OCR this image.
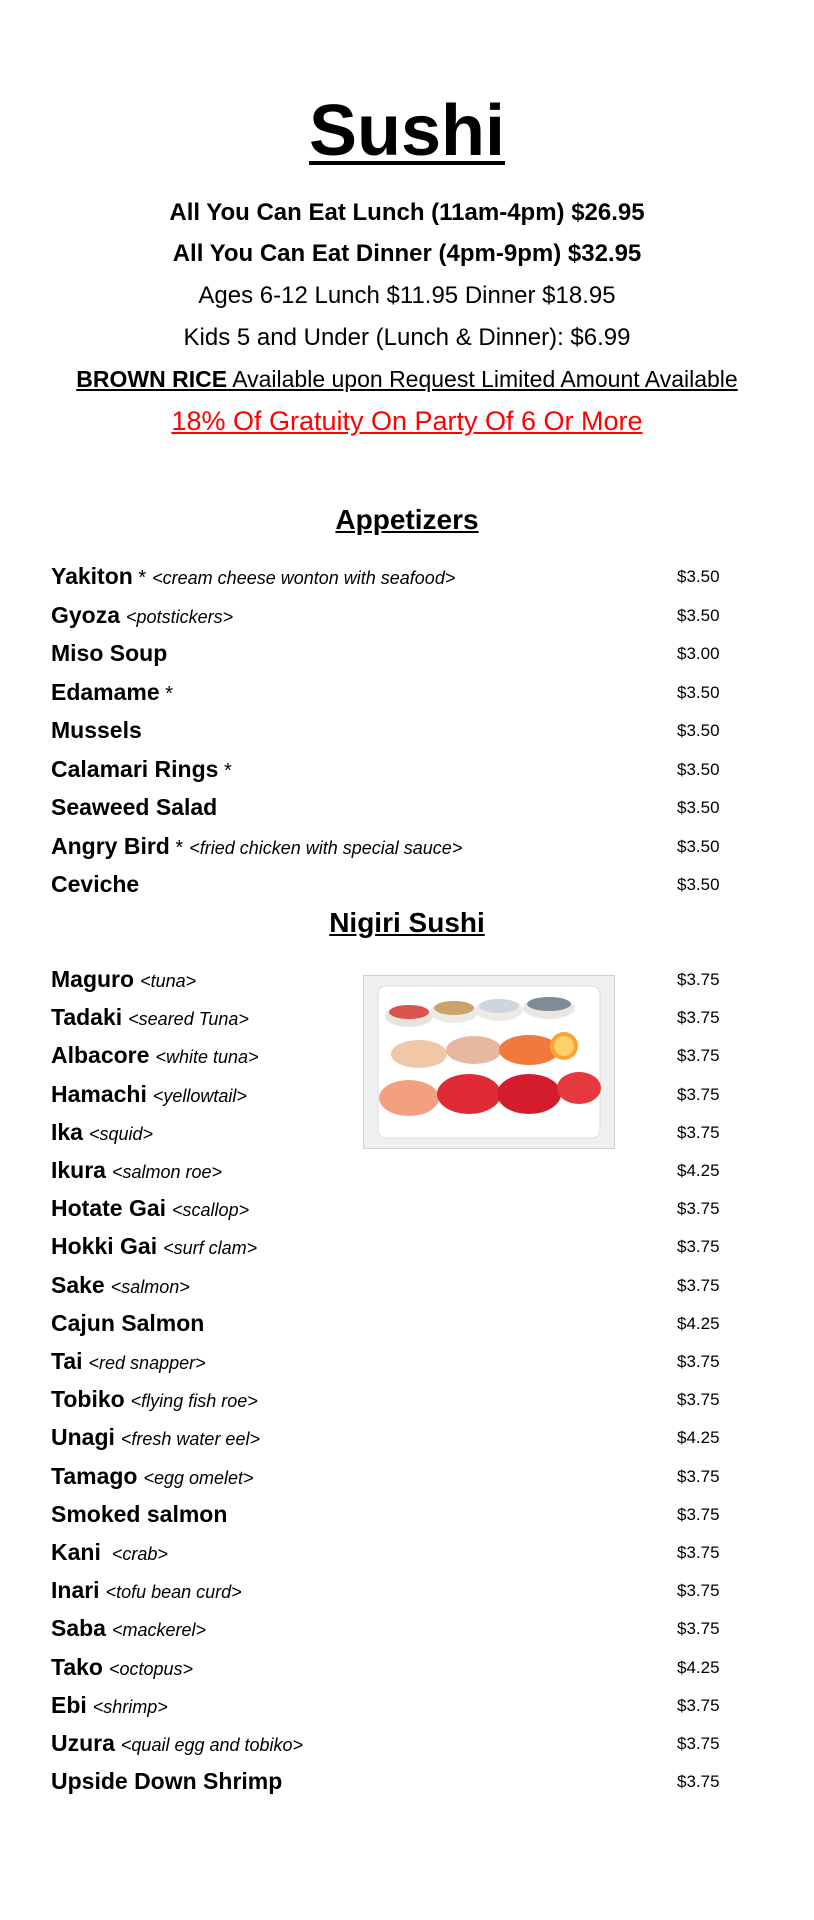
Sushi
All You Can Eat Lunch (11am-4pm) $26.95
All You Can Eat Dinner (4pm-9pm) $32.95
Ages 6-12 Lunch $11.95 Dinner $18.95
Kids 5 and Under (Lunch & Dinner): $6.99
BROWN RICE Available upon Request Limited Amount Available
18% Of Gratuity On Party Of 6 Or More
Appetizers
Yakiton * <cream cheese wonton with seafood>	$3.50
Gyoza <potstickers>	$3.50
Miso Soup	$3.00
Edamame *	$3.50
Mussels	$3.50
Calamari Rings *	$3.50
Seaweed Salad	$3.50
Angry Bird * <fried chicken with special sauce>	$3.50
Ceviche	$3.50
Nigiri Sushi
Maguro <tuna>	$3.75
Tadaki <seared Tuna>	$3.75
Albacore <white tuna>	$3.75
Hamachi <yellowtail>	$3.75
Ika <squid>	$3.75
Ikura <salmon roe>	$4.25
Hotate Gai <scallop>	$3.75
Hokki Gai <surf clam>	$3.75
Sake <salmon>	$3.75
Cajun Salmon	$4.25
Tai <red snapper>	$3.75
Tobiko <flying fish roe>	$3.75
Unagi <fresh water eel>	$4.25
Tamago <egg omelet>	$3.75
Smoked salmon	$3.75
Kani <crab>	$3.75
Inari <tofu bean curd>	$3.75
Saba <mackerel>	$3.75
Tako <octopus>	$4.25
Ebi <shrimp>	$3.75
Uzura <quail egg and tobiko>	$3.75
Upside Down Shrimp	$3.75
